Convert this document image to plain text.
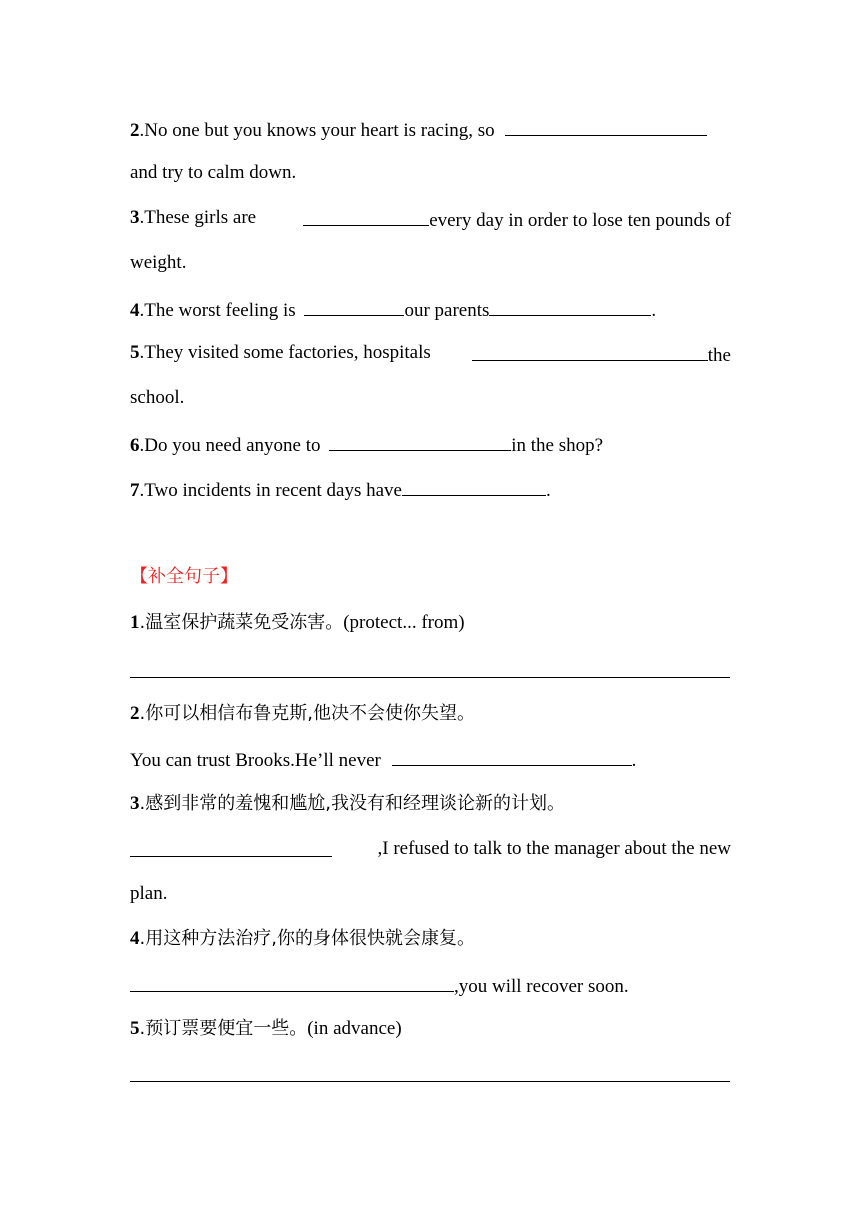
2.No one but you knows your heart is racing, so
and try to calm down.
3.These girls are	every day in order to lose ten pounds of
weight.
4.The worst feeling is	our parents	.
5.They visited some factories, hospitals	the
school.
6.Do you need anyone to	in the shop?
7.Two incidents in recent days have	.
【补全句子】
1.温室保护蔬菜免受冻害。(protect... from)
2.你可以相信布鲁克斯,他决不会使你失望。
You can trust Brooks.He’ll never	.
3.感到非常的羞愧和尴尬,我没有和经理谈论新的计划。
,I refused to talk to the manager about the new
plan.
4.用这种方法治疗,你的身体很快就会康复。
,you will recover soon.
5.预订票要便宜一些。(in advance)
